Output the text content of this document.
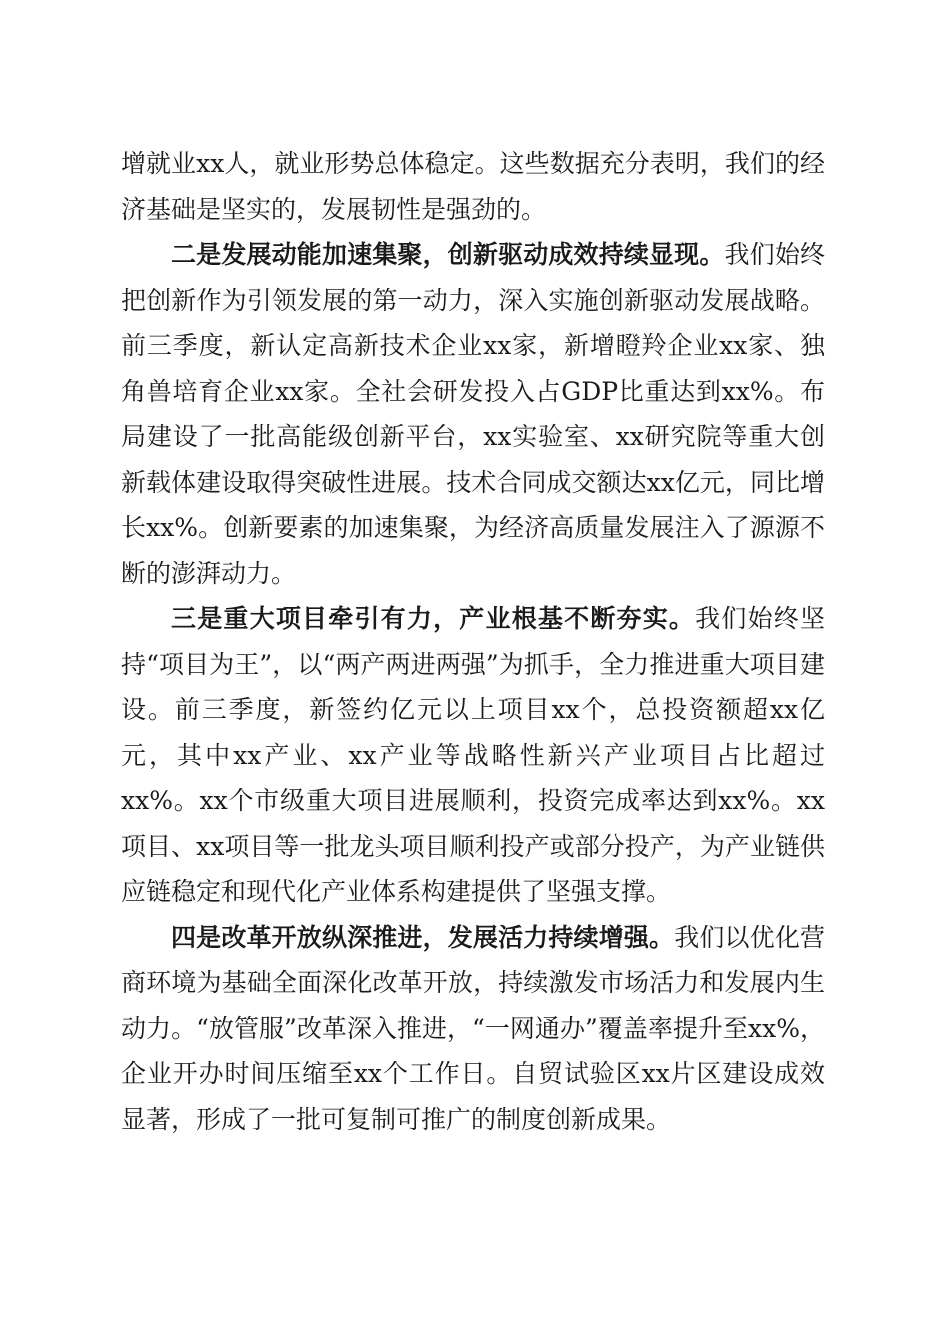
增就业xx人，就业形势总体稳定。这些数据充分表明，我们的经济基础是坚实的，发展韧性是强劲的。

二是发展动能加速集聚，创新驱动成效持续显现。我们始终把创新作为引领发展的第一动力，深入实施创新驱动发展战略。前三季度，新认定高新技术企业xx家，新增瞪羚企业xx家、独角兽培育企业xx家。全社会研发投入占GDP比重达到xx%。布局建设了一批高能级创新平台，xx实验室、xx研究院等重大创新载体建设取得突破性进展。技术合同成交额达xx亿元，同比增长xx%。创新要素的加速集聚，为经济高质量发展注入了源源不断的澎湃动力。

三是重大项目牵引有力，产业根基不断夯实。我们始终坚持“项目为王”，以“两产两进两强”为抓手，全力推进重大项目建设。前三季度，新签约亿元以上项目xx个，总投资额超xx亿元，其中xx产业、xx产业等战略性新兴产业项目占比超过xx%。xx个市级重大项目进展顺利，投资完成率达到xx%。xx项目、xx项目等一批龙头项目顺利投产或部分投产，为产业链供应链稳定和现代化产业体系构建提供了坚强支撑。

四是改革开放纵深推进，发展活力持续增强。我们以优化营商环境为基础全面深化改革开放，持续激发市场活力和发展内生动力。“放管服”改革深入推进，“一网通办”覆盖率提升至xx%，企业开办时间压缩至xx个工作日。自贸试验区xx片区建设成效显著，形成了一批可复制可推广的制度创新成果。
